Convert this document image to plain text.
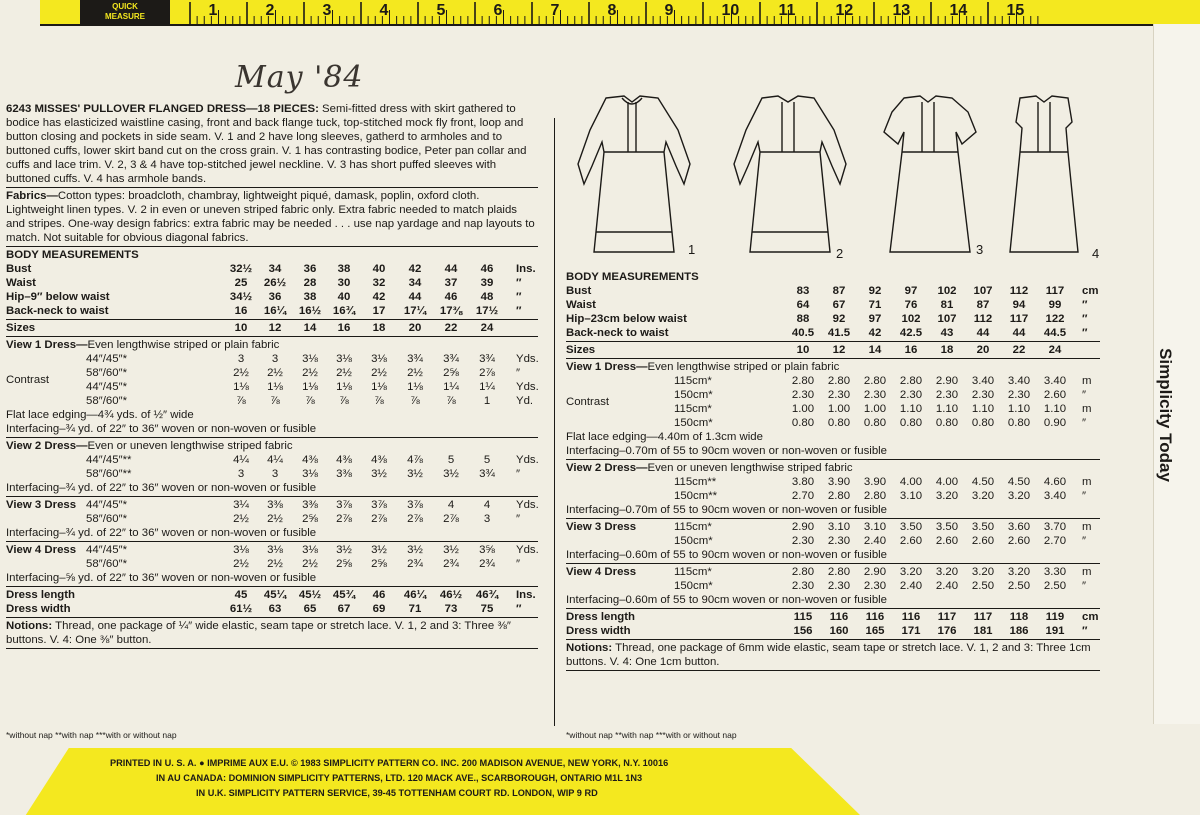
QUICK
MEASURE	1	2	3	4	5	6	7	8	9	10 11	12 13 14 15
Simplicity Today
May '84
1	2	3	4
6243 MISSES' PULLOVER FLANGED DRESS—18 PIECES: Semi-fitted dress with skirt gathered to bodice has elasticized waistline casing, front and back flange tuck, top-stitched mock fly front, loop and button closing and pockets in side seam. V. 1 and 2 have long sleeves, gatherd to armholes and to buttoned cuffs, lower skirt band cut on the cross grain. V. 1 has contrasting bodice, Peter pan collar and cuffs and lace trim. V. 2, 3 & 4 have top-stitched jewel neckline. V. 3 has short puffed sleeves with buttoned cuffs. V. 4 has armhole bands.
Fabrics—Cotton types: broadcloth, chambray, lightweight piqué, damask, poplin, oxford cloth. Lightweight linen types. V. 2 in even or uneven striped fabric only. Extra fabric needed to match plaids and stripes. One-way design fabrics: extra fabric may be needed . . . use nap yardage and nap layouts to match. Not suitable for obvious diagonal fabrics.
BODY MEASUREMENTS
Bust	32½	34	36	38	40	42	44	46	Ins.
Waist	25	26½	28	30	32	34	37	39	″
Hip–9″ below waist	34½	36	38	40	42	44	46	48	″
Back-neck to waist	16	16¼	16½	16¾	17	17¼	17⅜	17½	″
Sizes	10	12	14	16	18	20	22	24
View 1 Dress—Even lengthwise striped or plain fabric
44″/45″*	3	3	3⅛	3⅛	3⅛	3¾	3¾	3¾	Yds.
58″/60″*	2½	2½	2½	2½	2½	2½	2⅝	2⅞	″
44″/45″*	1⅛	1⅛	1⅛	1⅛	1⅛	1⅛	1¼	1¼	Yds.
Contrast
58″/60″*	⅞	⅞	⅞	⅞	⅞	⅞	⅞	1	Yd.
Flat lace edging—4¾ yds. of ½″ wide
Interfacing–¾ yd. of 22″ to 36″ woven or non-woven or fusible
View 2 Dress—Even or uneven lengthwise striped fabric
44″/45″**	4¼	4¼	4⅜	4⅜	4⅜	4⅞	5	5	Yds.
58″/60″**	3	3	3⅛	3⅜	3½	3½	3½	3¾	″
Interfacing–¾ yd. of 22″ to 36″ woven or non-woven or fusible
44″/45″*	3¼	3⅜	3⅜	3⅞	3⅞	3⅞	4	4	Yds.
View 3 Dress
58″/60″*	2½	2½	2⅝	2⅞	2⅞	2⅞	2⅞	3	″
Interfacing–¾ yd. of 22″ to 36″ woven or non-woven or fusible
44″/45″*	3⅛	3⅛	3⅛	3½	3½	3½	3½	3⅝	Yds.
View 4 Dress
58″/60″*	2½	2½	2½	2⅝	2⅝	2¾	2¾	2¾	″
Interfacing–⅝ yd. of 22″ to 36″ woven or non-woven or fusible
Dress length	45	45¼	45½	45¾	46	46¼	46½	46¾	Ins.
Dress width	61½	63	65	67	69	71	73	75	″
Notions: Thread, one package of ¼″ wide elastic, seam tape or stretch lace. V. 1, 2 and 3: Three ⅜″ buttons. V. 4: One ⅜″ button.
BODY MEASUREMENTS
Bust	83	87	92	97	102	107	112	117	cm
Waist	64	67	71	76	81	87	94	99	″
Hip–23cm below waist	88	92	97	102	107	112	117	122	″
Back-neck to waist	40.5	41.5	42	42.5	43	44	44	44.5	″
Sizes	10	12	14	16	18	20	22	24
View 1 Dress—Even lengthwise striped or plain fabric
115cm*	2.80	2.80	2.80	2.80	2.90	3.40	3.40	3.40	m
150cm*	2.30	2.30	2.30	2.30	2.30	2.30	2.30	2.60	″
115cm*	1.00	1.00	1.00	1.10	1.10	1.10	1.10	1.10	m
Contrast
150cm*	0.80	0.80	0.80	0.80	0.80	0.80	0.80	0.90	″
Flat lace edging—4.40m of 1.3cm wide
Interfacing–0.70m of 55 to 90cm woven or non-woven or fusible
View 2 Dress—Even or uneven lengthwise striped fabric
115cm**	3.80	3.90	3.90	4.00	4.00	4.50	4.50	4.60	m
150cm**	2.70	2.80	2.80	3.10	3.20	3.20	3.20	3.40	″
Interfacing–0.70m of 55 to 90cm woven or non-woven or fusible
115cm*	2.90	3.10	3.10	3.50	3.50	3.50	3.60	3.70	m
View 3 Dress
150cm*	2.30	2.30	2.40	2.60	2.60	2.60	2.60	2.70	″
Interfacing–0.60m of 55 to 90cm woven or non-woven or fusible
115cm*	2.80	2.80	2.90	3.20	3.20	3.20	3.20	3.30	m
View 4 Dress
150cm*	2.30	2.30	2.30	2.40	2.40	2.50	2.50	2.50	″
Interfacing–0.60m of 55 to 90cm woven or non-woven or fusible
Dress length	115	116	116	116	117	117	118	119	cm
Dress width	156	160	165	171	176	181	186	191	″
Notions: Thread, one package of 6mm wide elastic, seam tape or stretch lace. V. 1, 2 and 3: Three 1cm buttons. V. 4: One 1cm button.
*without nap **with nap ***with or without nap	*without nap **with nap ***with or without nap
PRINTED IN U. S. A. ● IMPRIME AUX E.U. © 1983 SIMPLICITY PATTERN CO. INC. 200 MADISON AVENUE, NEW YORK, N.Y. 10016
IN AU CANADA: DOMINION SIMPLICITY PATTERNS, LTD. 120 MACK AVE., SCARBOROUGH, ONTARIO M1L 1N3
IN U.K. SIMPLICITY PATTERN SERVICE, 39-45 TOTTENHAM COURT RD. LONDON, WIP 9 RD
